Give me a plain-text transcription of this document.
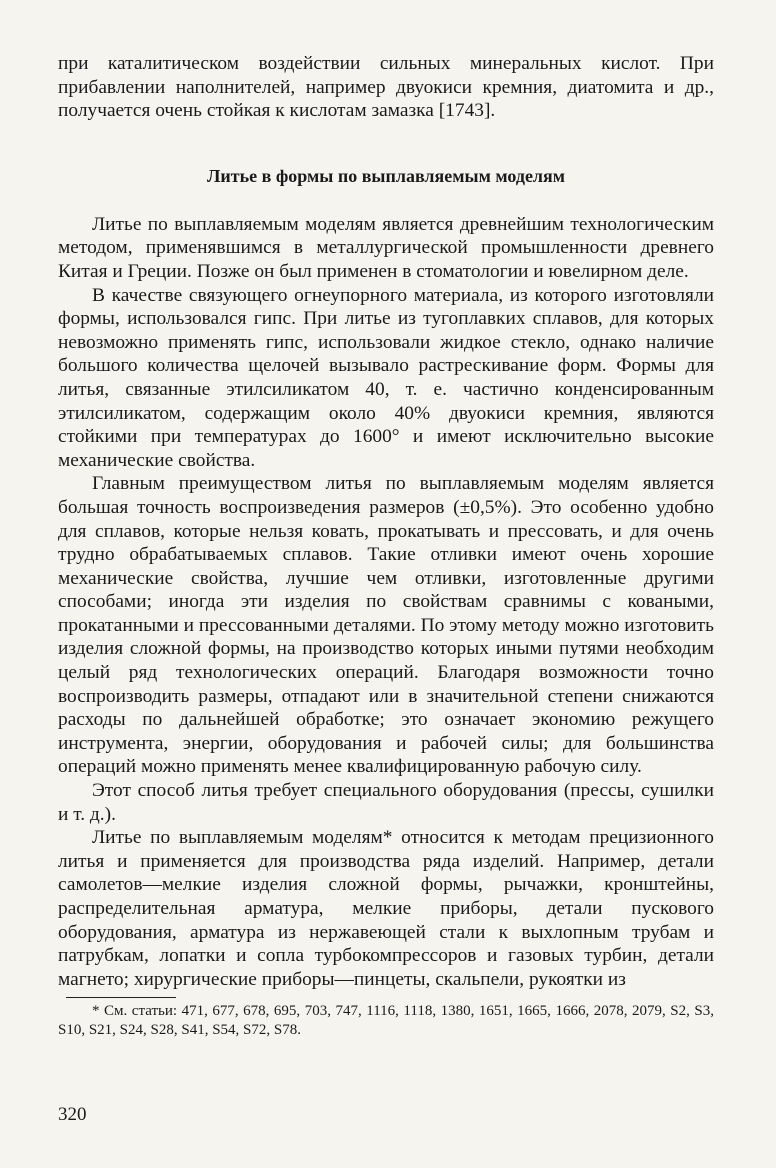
при каталитическом воздействии сильных минеральных кислот. При прибавлении наполнителей, например двуокиси кремния, диатомита и др., получается очень стойкая к кислотам замазка [1743].

Литье в формы по выплавляемым моделям

Литье по выплавляемым моделям является древнейшим технологическим методом, применявшимся в металлургической промышленности древнего Китая и Греции. Позже он был применен в стоматологии и ювелирном деле.

В качестве связующего огнеупорного материала, из которого изготовляли формы, использовался гипс. При литье из тугоплавких сплавов, для которых невозможно применять гипс, использовали жидкое стекло, однако наличие большого количества щелочей вызывало растрескивание форм. Формы для литья, связанные этилсиликатом 40, т. е. частично конденсированным этилсиликатом, содержащим около 40% двуокиси кремния, являются стойкими при температурах до 1600° и имеют исключительно высокие механические свойства.

Главным преимуществом литья по выплавляемым моделям является большая точность воспроизведения размеров (±0,5%). Это особенно удобно для сплавов, которые нельзя ковать, прокатывать и прессовать, и для очень трудно обрабатываемых сплавов. Такие отливки имеют очень хорошие механические свойства, лучшие чем отливки, изготовленные другими способами; иногда эти изделия по свойствам сравнимы с коваными, прокатанными и прессованными деталями. По этому методу можно изготовить изделия сложной формы, на производство которых иными путями необходим целый ряд технологических операций. Благодаря возможности точно воспроизводить размеры, отпадают или в значительной степени снижаются расходы по дальнейшей обработке; это означает экономию режущего инструмента, энергии, оборудования и рабочей силы; для большинства операций можно применять менее квалифицированную рабочую силу.

Этот способ литья требует специального оборудования (прессы, сушилки и т. д.).

Литье по выплавляемым моделям* относится к методам прецизионного литья и применяется для производства ряда изделий. Например, детали самолетов—мелкие изделия сложной формы, рычажки, кронштейны, распределительная арматура, мелкие приборы, детали пускового оборудования, арматура из нержавеющей стали к выхлопным трубам и патрубкам, лопатки и сопла турбокомпрессоров и газовых турбин, детали магнето; хирургические приборы—пинцеты, скальпели, рукоятки из

* См. статьи: 471, 677, 678, 695, 703, 747, 1116, 1118, 1380, 1651, 1665, 1666, 2078, 2079, S2, S3, S10, S21, S24, S28, S41, S54, S72, S78.

320
